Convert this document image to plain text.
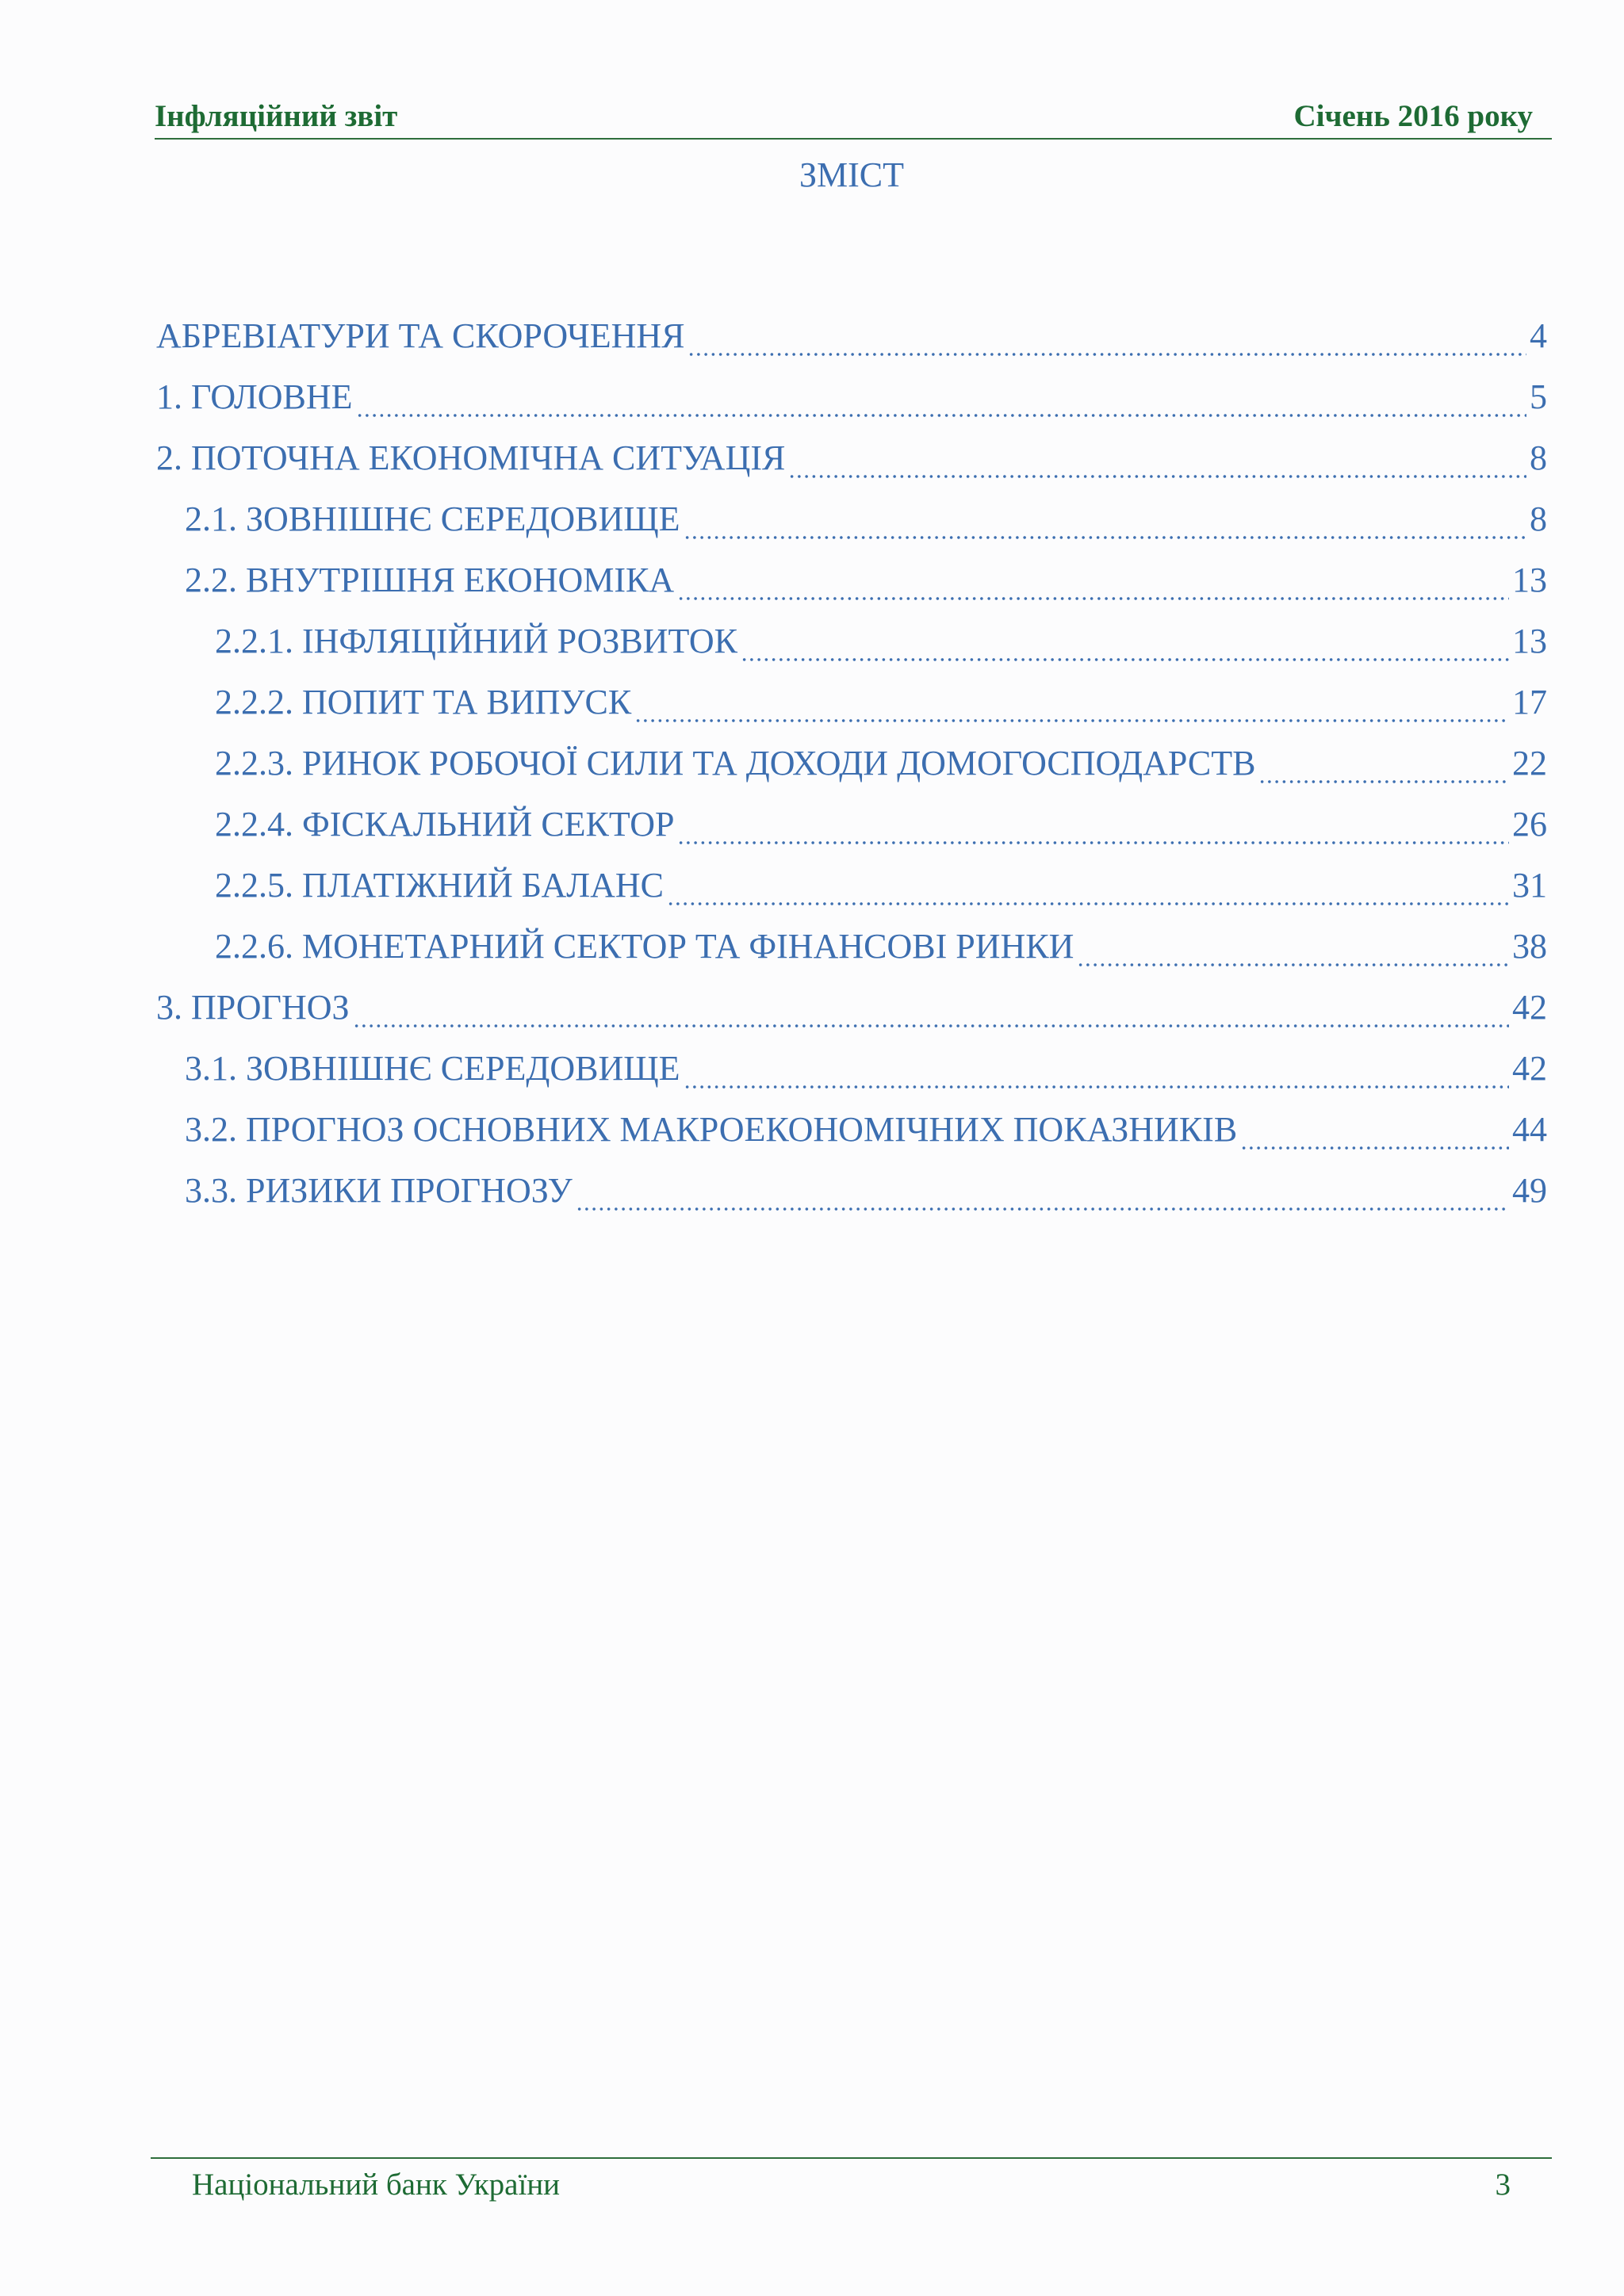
Інфляційний звіт	Січень 2016 року
ЗМІСТ
АБРЕВІАТУРИ ТА СКОРОЧЕННЯ	4
1. ГОЛОВНЕ	5
2. ПОТОЧНА ЕКОНОМІЧНА СИТУАЦІЯ	8
2.1. ЗОВНІШНЄ СЕРЕДОВИЩЕ	8
2.2. ВНУТРІШНЯ ЕКОНОМІКА	13
2.2.1. ІНФЛЯЦІЙНИЙ РОЗВИТОК	13
2.2.2. ПОПИТ ТА ВИПУСК	17
2.2.3. РИНОК РОБОЧОЇ СИЛИ ТА ДОХОДИ ДОМОГОСПОДАРСТВ	22
2.2.4. ФІСКАЛЬНИЙ СЕКТОР	26
2.2.5. ПЛАТІЖНИЙ БАЛАНС	31
2.2.6. МОНЕТАРНИЙ СЕКТОР ТА ФІНАНСОВІ РИНКИ	38
3. ПРОГНОЗ	42
3.1. ЗОВНІШНЄ СЕРЕДОВИЩЕ	42
3.2. ПРОГНОЗ ОСНОВНИХ МАКРОЕКОНОМІЧНИХ ПОКАЗНИКІВ	44
3.3. РИЗИКИ ПРОГНОЗУ	49
Національний банк України	3
